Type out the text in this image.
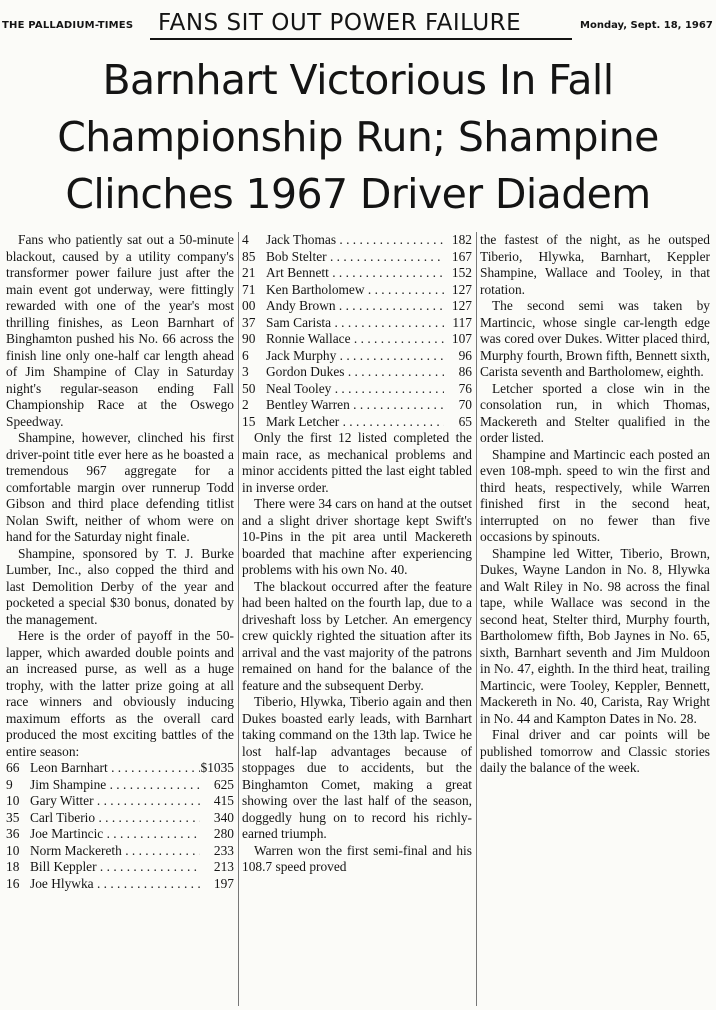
THE PALLADIUM-TIMES FANS SIT OUT POWER FAILURE	Monday, Sept. 18, 1967
Barnhart Victorious In Fall
Championship Run; Shampine
Clinches 1967 Driver Diadem

Fans who patiently sat out a 50-minute blackout, caused by a utility company's transformer power failure just after the main event got underway, were fittingly rewarded with one of the year's most thrilling finishes, as Leon Barnhart of Binghamton pushed his No. 66 across the finish line only one-half car length ahead of Jim Shampine of Clay in Saturday night's regular-season ending Fall Championship Race at the Oswego Speedway.

Shampine, however, clinched his first driver-point title ever here as he boasted a tremendous 967 aggregate for a comfortable margin over runnerup Todd Gibson and third place defending titlist Nolan Swift, neither of whom were on hand for the Saturday night finale.

Shampine, sponsored by T. J. Burke Lumber, Inc., also copped the third and last Demolition Derby of the year and pocketed a special $30 bonus, donated by the management.

Here is the order of payoff in the 50-lapper, which awarded double points and an increased purse, as well as a huge trophy, with the latter prize going at all race winners and obviously inducing maximum efforts as the overall card produced the most exciting battles of the entire season:

66 Leon Barnhart . . .	$1035
9	Jim Shampine . . .	625
10 Gary Witter . . .	415
35 Carl Tiberio . . .	340
36 Joe Martincic . . .	280
10 Norm Mackereth . . .	233
18 Bill Keppler . . .	213
16 Joe Hlywka . . .	197
4	Jack Thomas . . .	182
85 Bob Stelter . . .	167
21 Art Bennett . . .	152
71 Ken Bartholomew . . .	127
00 Andy Brown . . .	127
37 Sam Carista . . .	117
90 Ronnie Wallace . . .	107
6	Jack Murphy . . .	96
3	Gordon Dukes . . .	86
50 Neal Tooley . . .	76
2	Bentley Warren . . .	70
15 Mark Letcher . . .	65

Only the first 12 listed completed the main race, as mechanical problems and minor accidents pitted the last eight tabled in inverse order.

There were 34 cars on hand at the outset and a slight driver shortage kept Swift's 10-Pins in the pit area until Mackereth boarded that machine after experiencing problems with his own No. 40.

The blackout occurred after the feature had been halted on the fourth lap, due to a driveshaft loss by Letcher. An emergency crew quickly righted the situation after its arrival and the vast majority of the patrons remained on hand for the balance of the feature and the subsequent Derby.

Tiberio, Hlywka, Tiberio again and then Dukes boasted early leads, with Barnhart taking command on the 13th lap. Twice he lost half-lap advantages because of stoppages due to accidents, but the Binghamton Comet, making a great showing over the last half of the season, doggedly hung on to record his richly-earned triumph.

Warren won the first semi-final and his 108.7 speed proved

the fastest of the night, as he outsped Tiberio, Hlywka, Barnhart, Keppler Shampine, Wallace and Tooley, in that rotation.

The second semi was taken by Martincic, whose single car-length edge was cored over Dukes. Witter placed third, Murphy fourth, Brown fifth, Bennett sixth, Carista seventh and Bartholomew, eighth.

Letcher sported a close win in the consolation run, in which Thomas, Mackereth and Stelter qualified in the order listed.

Shampine and Martincic each posted an even 108-mph. speed to win the first and third heats, respectively, while Warren finished first in the second heat, interrupted on no fewer than five occasions by spinouts.

Shampine led Witter, Tiberio, Brown, Dukes, Wayne Landon in No. 8, Hlywka and Walt Riley in No. 98 across the final tape, while Wallace was second in the second heat, Stelter third, Murphy fourth, Bartholomew fifth, Bob Jaynes in No. 65, sixth, Barnhart seventh and Jim Muldoon in No. 47, eighth. In the third heat, trailing Martincic, were Tooley, Keppler, Bennett, Mackereth in No. 40, Carista, Ray Wright in No. 44 and Kampton Dates in No. 28.

Final driver and car points will be published tomorrow and Classic stories daily the balance of the week.
